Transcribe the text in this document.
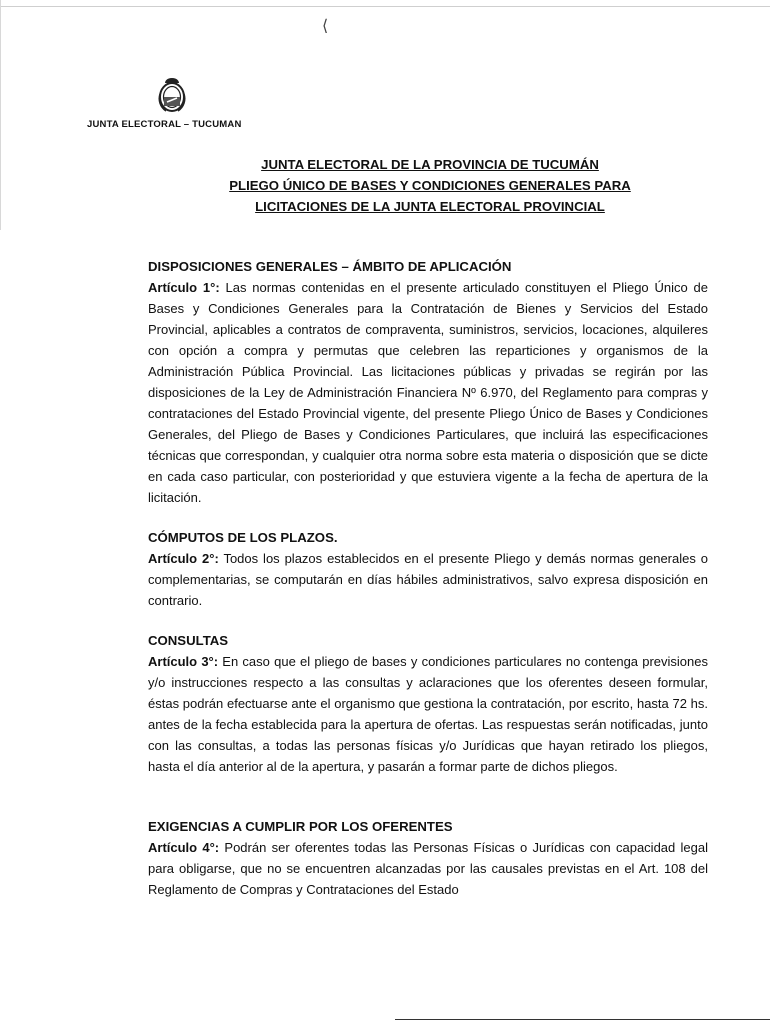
⟨
JUNTA ELECTORAL – TUCUMAN
JUNTA ELECTORAL DE LA PROVINCIA DE TUCUMÁN
PLIEGO ÚNICO DE BASES Y CONDICIONES GENERALES PARA
LICITACIONES DE LA JUNTA ELECTORAL PROVINCIAL
DISPOSICIONES GENERALES – ÁMBITO DE APLICACIÓN
Artículo 1°: Las normas contenidas en el presente articulado constituyen el Pliego Único de Bases y Condiciones Generales para la Contratación de Bienes y Servicios del Estado Provincial, aplicables a contratos de compraventa, suministros, servicios, locaciones, alquileres con opción a compra y permutas que celebren las reparticiones y organismos de la Administración Pública Provincial. Las licitaciones públicas y privadas se regirán por las disposiciones de la Ley de Administración Financiera Nº 6.970, del Reglamento para compras y contrataciones del Estado Provincial vigente, del presente Pliego Único de Bases y Condiciones Generales, del Pliego de Bases y Condiciones Particulares, que incluirá las especificaciones técnicas que correspondan, y cualquier otra norma sobre esta materia o disposición que se dicte en cada caso particular, con posterioridad y que estuviera vigente a la fecha de apertura de la licitación.
CÓMPUTOS DE LOS PLAZOS.
Artículo 2°: Todos los plazos establecidos en el presente Pliego y demás normas generales o complementarias, se computarán en días hábiles administrativos, salvo expresa disposición en contrario.
CONSULTAS
Artículo 3°: En caso que el pliego de bases y condiciones particulares no contenga previsiones y/o instrucciones respecto a las consultas y aclaraciones que los oferentes deseen formular, éstas podrán efectuarse ante el organismo que gestiona la contratación, por escrito, hasta 72 hs. antes de la fecha establecida para la apertura de ofertas. Las respuestas serán notificadas, junto con las consultas, a todas las personas físicas y/o Jurídicas que hayan retirado los pliegos, hasta el día anterior al de la apertura, y pasarán a formar parte de dichos pliegos.
EXIGENCIAS A CUMPLIR POR LOS OFERENTES
Artículo 4°: Podrán ser oferentes todas las Personas Físicas o Jurídicas con capacidad legal para obligarse, que no se encuentren alcanzadas por las causales previstas en el Art. 108 del Reglamento de Compras y Contrataciones del Estado
